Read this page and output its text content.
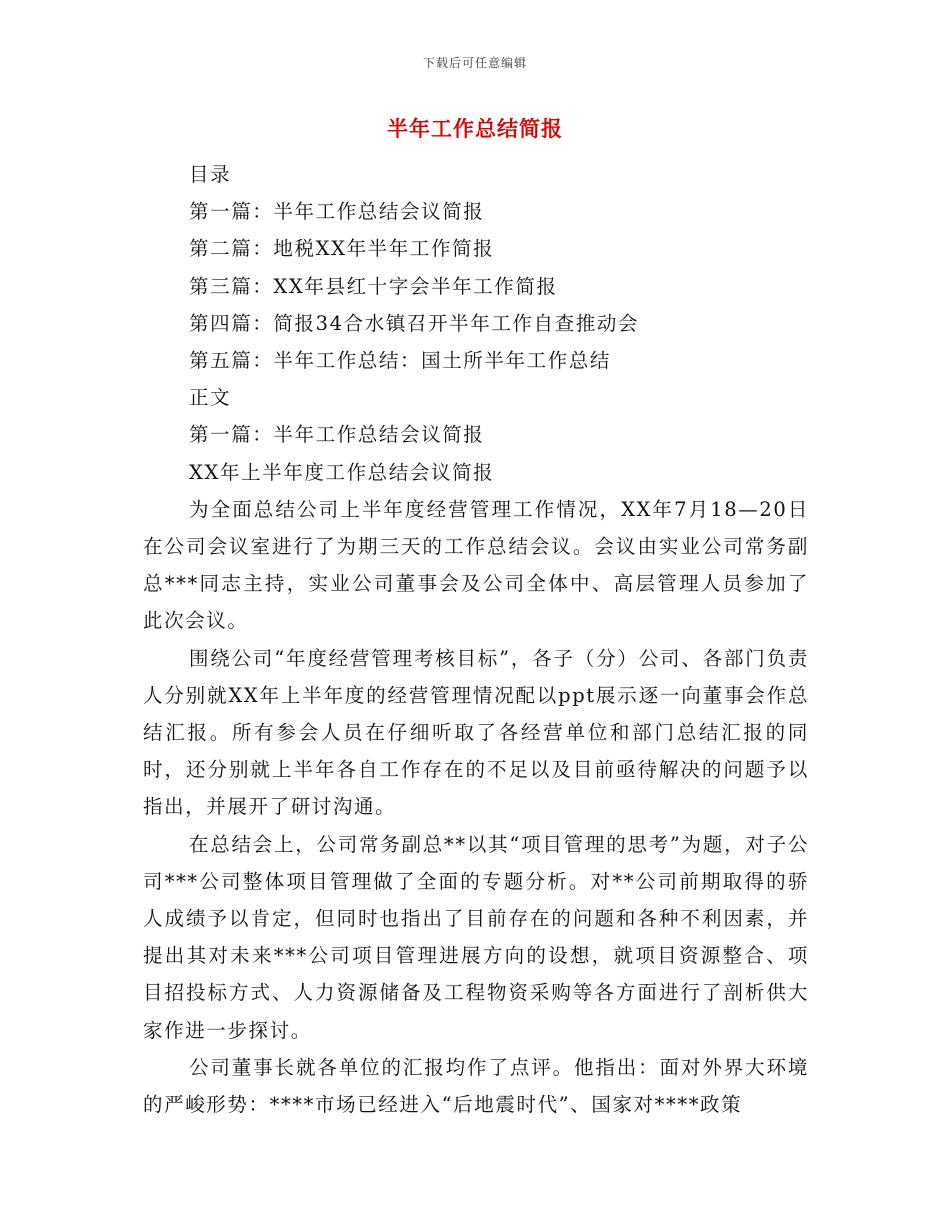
下载后可任意编辑
半年工作总结简报

目录

第一篇：半年工作总结会议简报

第二篇：地税XX年半年工作简报

第三篇：XX年县红十字会半年工作简报

第四篇：简报34合水镇召开半年工作自查推动会

第五篇：半年工作总结：国土所半年工作总结

正文

第一篇：半年工作总结会议简报

XX年上半年度工作总结会议简报

为全面总结公司上半年度经营管理工作情况，XX年7月18—20日在公司会议室进行了为期三天的工作总结会议。会议由实业公司常务副总***同志主持，实业公司董事会及公司全体中、高层管理人员参加了此次会议。

围绕公司“年度经营管理考核目标”，各子（分）公司、各部门负责人分别就XX年上半年度的经营管理情况配以ppt展示逐一向董事会作总结汇报。所有参会人员在仔细听取了各经营单位和部门总结汇报的同时，还分别就上半年各自工作存在的不足以及目前亟待解决的问题予以指出，并展开了研讨沟通。

在总结会上，公司常务副总**以其“项目管理的思考”为题，对子公司***公司整体项目管理做了全面的专题分析。对**公司前期取得的骄人成绩予以肯定，但同时也指出了目前存在的问题和各种不利因素，并提出其对未来***公司项目管理进展方向的设想，就项目资源整合、项目招投标方式、人力资源储备及工程物资采购等各方面进行了剖析供大家作进一步探讨。

公司董事长就各单位的汇报均作了点评。他指出：面对外界大环境的严峻形势：****市场已经进入“后地震时代”、国家对****政策
